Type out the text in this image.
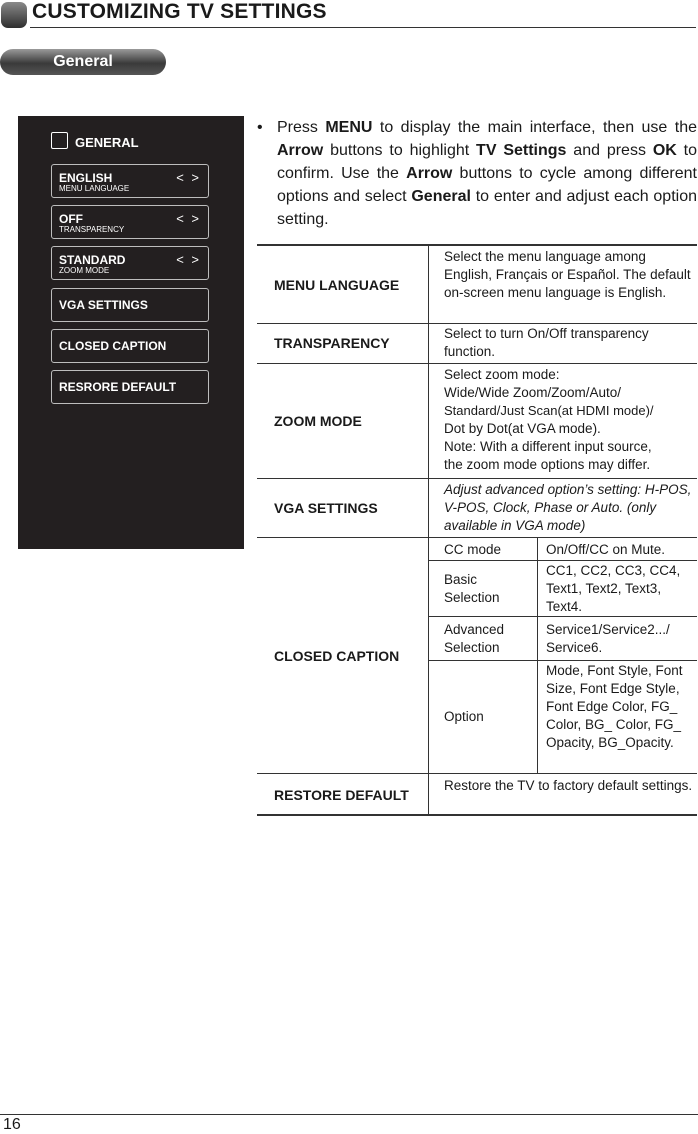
CUSTOMIZING TV SETTINGS
General
GENERAL
ENGLISH
MENU LANGUAGE
< >
OFF
TRANSPARENCY
< >
STANDARD
ZOOM MODE
< >
VGA SETTINGS
CLOSED CAPTION
RESRORE DEFAULT
• Press MENU to display the main interface, then use the Arrow buttons to highlight TV Settings and press OK to confirm. Use the Arrow buttons to cycle among different options and select General to enter and adjust each option setting.
MENU LANGUAGE
Select the menu language among English, Français or Español. The default on-screen menu language is English.
TRANSPARENCY
Select to turn On/Off transparency function.
ZOOM MODE
Select zoom mode:
Wide/Wide Zoom/Zoom/Auto/
Standard/Just Scan(at HDMI mode)/
Dot by Dot(at VGA mode).
Note: With a different input source,
the zoom mode options may differ.
VGA SETTINGS
Adjust advanced option’s setting: H-POS, V-POS, Clock, Phase or Auto. (only available in VGA mode)
CLOSED CAPTION
CC mode	On/Off/CC on Mute.
Basic
Selection
CC1, CC2, CC3, CC4, Text1, Text2, Text3, Text4.
Advanced
Selection
Service1/Service2.../ Service6.
Option
Mode, Font Style, Font Size, Font Edge Style, Font Edge Color, FG_ Color, BG_ Color, FG_ Opacity, BG_Opacity.
RESTORE DEFAULT
Restore the TV to factory default settings.
16
